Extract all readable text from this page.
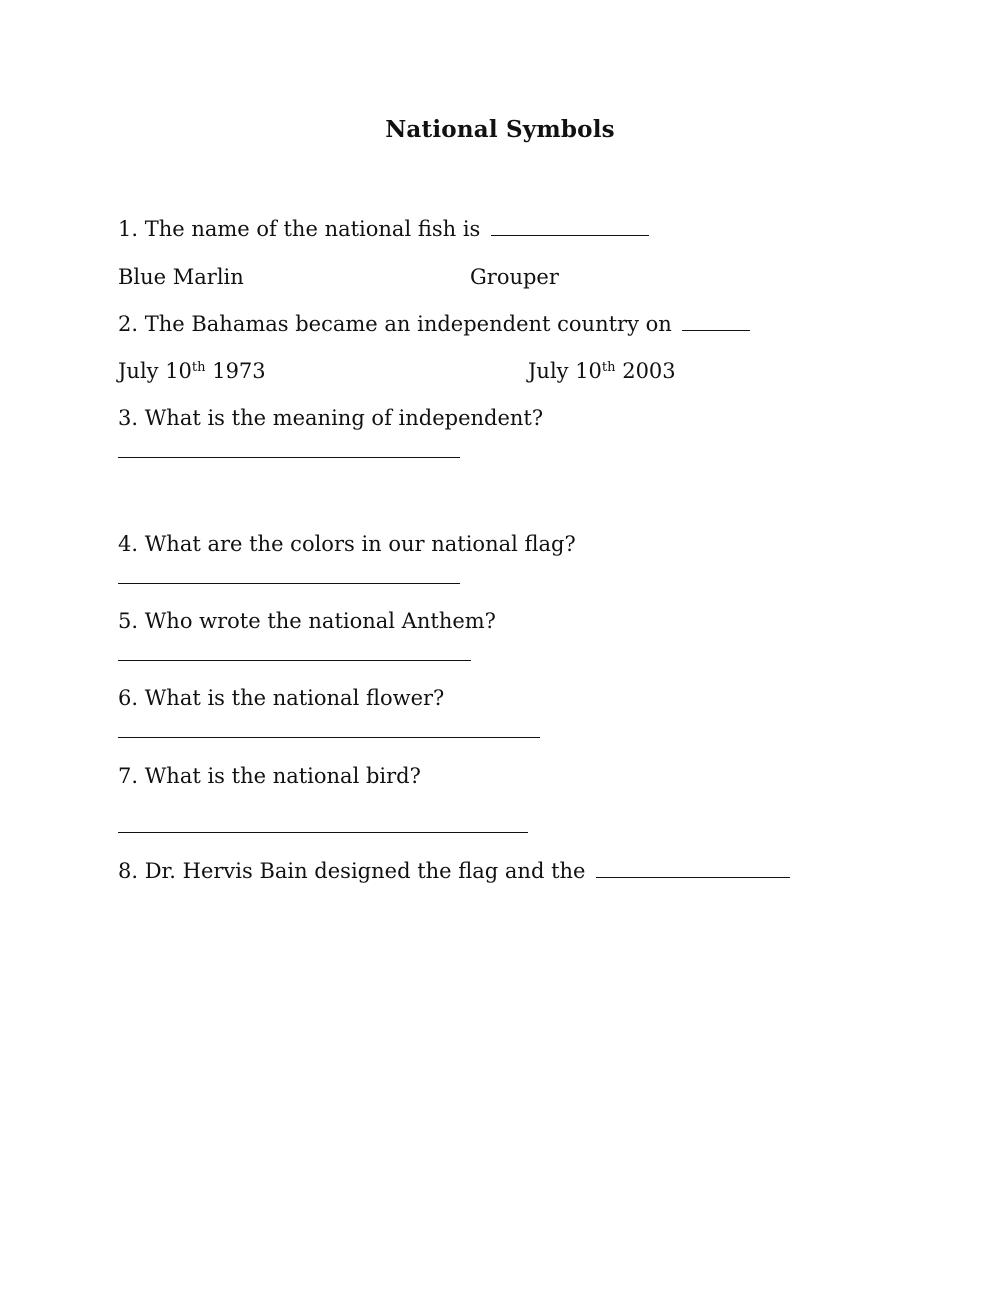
National Symbols
1. The name of the national fish is
Blue Marlin	Grouper
2. The Bahamas became an independent country on
July 10th 1973	July 10th 2003
3. What is the meaning of independent?
4. What are the colors in our national flag?
5. Who wrote the national Anthem?
6. What is the national flower?
7. What is the national bird?
8. Dr. Hervis Bain designed the flag and the
